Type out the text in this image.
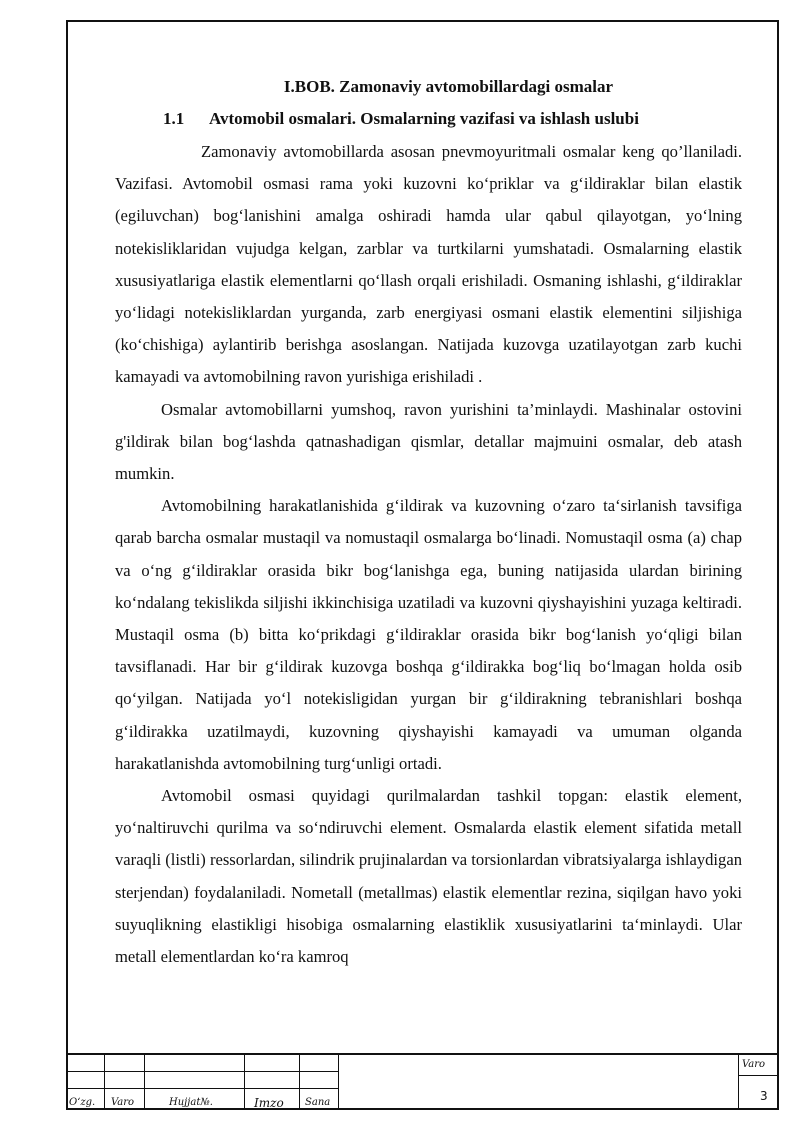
I.BOB. Zamonaviy avtomobillardagi osmalar
1.1 Avtomobil osmalari. Osmalarning vazifasi va ishlash uslubi

Zamonaviy avtomobillarda asosan pnevmoyuritmali osmalar keng qo’llaniladi. Vazifasi. Avtomobil osmasi rama yoki kuzovni ko‘priklar va g‘ildiraklar bilan elastik (egiluvchan) bog‘lanishini amalga oshiradi hamda ular qabul qilayotgan, yo‘lning notekisliklaridan vujudga kelgan, zarblar va turtkilarni yumshatadi. Osmalarning elastik xususiyatlariga elastik elementlarni qo‘llash orqali erishiladi. Osmaning ishlashi, g‘ildiraklar yo‘lidagi notekisliklardan yurganda, zarb energiyasi osmani elastik elementini siljishiga (ko‘chishiga) aylantirib berishga asoslangan. Natijada kuzovga uzatilayotgan zarb kuchi kamayadi va avtomobilning ravon yurishiga erishiladi .

Osmalar avtomobillarni yumshoq, ravon yurishini ta’minlaydi. Mashinalar ostovini g'ildirak bilan bog‘lashda qatnashadigan qismlar, detallar majmuini osmalar, deb atash mumkin.

Avtomobilning harakatlanishida g‘ildirak va kuzovning o‘zaro ta‘sirlanish tavsifiga qarab barcha osmalar mustaqil va nomustaqil osmalarga bo‘linadi. Nomustaqil osma (a) chap va o‘ng g‘ildiraklar orasida bikr bog‘lanishga ega, buning natijasida ulardan birining ko‘ndalang tekislikda siljishi ikkinchisiga uzatiladi va kuzovni qiyshayishini yuzaga keltiradi. Mustaqil osma (b) bitta ko‘prikdagi g‘ildiraklar orasida bikr bog‘lanish yo‘qligi bilan tavsiflanadi. Har bir g‘ildirak kuzovga boshqa g‘ildirakka bog‘liq bo‘lmagan holda osib qo‘yilgan. Natijada yo‘l notekisligidan yurgan bir g‘ildirakning tebranishlari boshqa g‘ildirakka uzatilmaydi, kuzovning qiyshayishi kamayadi va umuman olganda harakatlanishda avtomobilning turg‘unligi ortadi.

Avtomobil osmasi quyidagi qurilmalardan tashkil topgan: elastik element, yo‘naltiruvchi qurilma va so‘ndiruvchi element. Osmalarda elastik element sifatida metall varaqli (listli) ressorlardan, silindrik prujinalardan va torsionlardan vibratsiyalarga ishlaydigan sterjendan) foydalaniladi. Nometall (metallmas) elastik elementlar rezina, siqilgan havo yoki suyuqlikning elastikligi hisobiga osmalarning elastiklik xususiyatlarini ta‘minlaydi. Ular metall elementlardan ko‘ra kamroq

O‘zg. Varo	Hujjat№.	Imzo Sana
Varo
3
